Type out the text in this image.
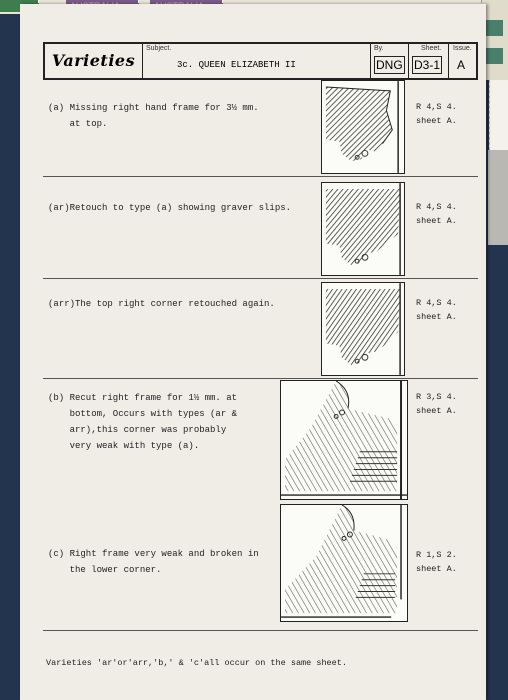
Varieties
Subject.
3c. QUEEN ELIZABETH II
By.
DNG
Sheet.
D3-1
Issue.
A
(a) Missing right hand frame for 3½ mm.
at top.
R 4,S 4.
sheet A.
(ar)Retouch to type (a) showing graver slips.	R 4,S 4.
sheet A.
(arr)The top right corner retouched again.	R 4,S 4.
sheet A.
(b) Recut right frame for 1½ mm. at
bottom, Occurs with types (ar &
arr),this corner was probably
very weak with type (a).
R 3,S 4.
sheet A.
(c) Right frame very weak and broken in
the lower corner.
R 1,S 2.
sheet A.
Varieties 'ar'or'arr,'b,' & 'c'all occur on the same sheet.
